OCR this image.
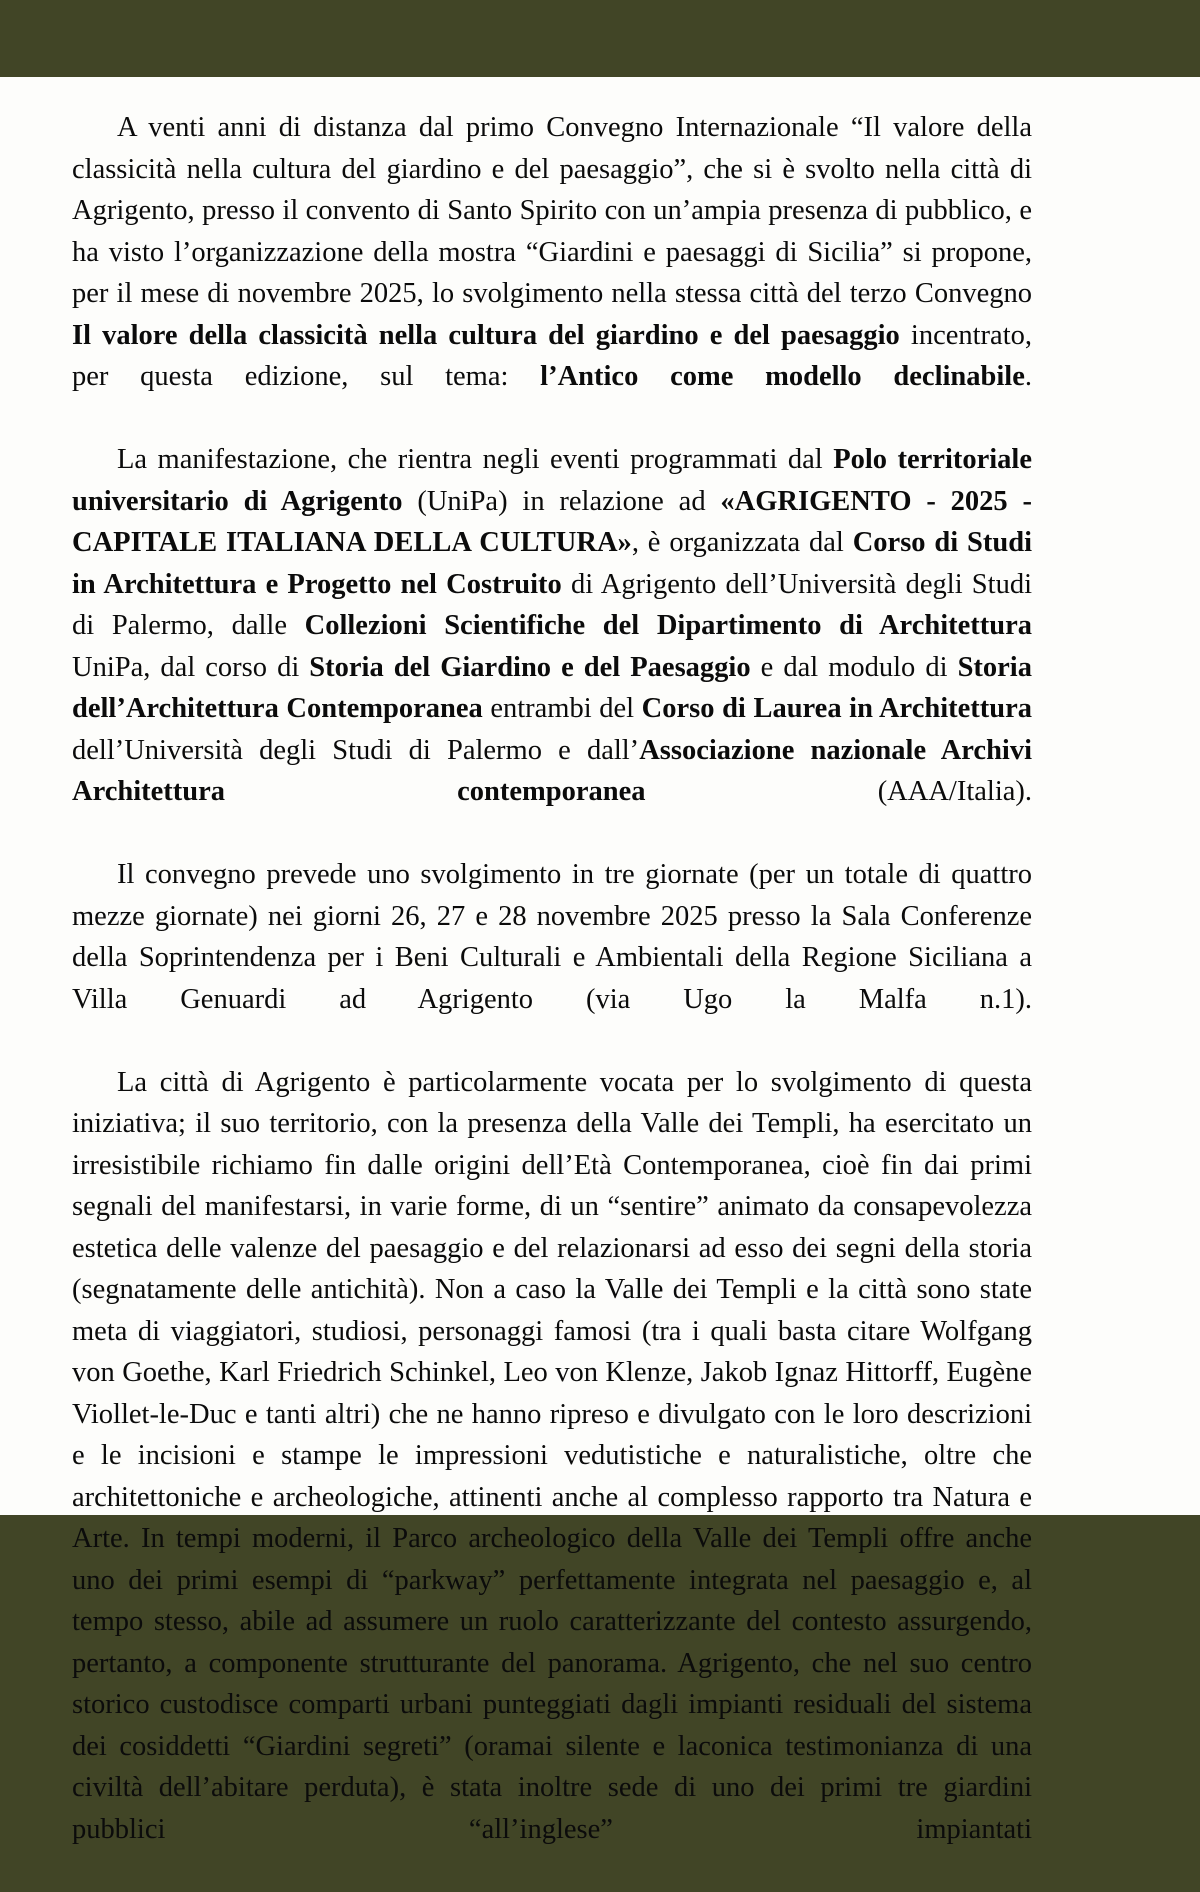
A venti anni di distanza dal primo Convegno Internazionale “Il valore della classicità nella cultura del giardino e del paesaggio”, che si è svolto nella città di Agrigento, presso il convento di Santo Spirito con un’ampia presenza di pubblico, e ha visto l’organizzazione della mostra “Giardini e paesaggi di Sicilia” si propone, per il mese di novembre 2025, lo svolgimento nella stessa città del terzo Convegno Il valore della classicità nella cultura del giardino e del paesaggio incentrato, per questa edizione, sul tema: l’Antico come modello declinabile.

La manifestazione, che rientra negli eventi programmati dal Polo territoriale universitario di Agrigento (UniPa) in relazione ad «AGRIGENTO - 2025 - CAPITALE ITALIANA DELLA CULTURA», è organizzata dal Corso di Studi in Architettura e Progetto nel Costruito di Agrigento dell’Università degli Studi di Palermo, dalle Collezioni Scientifiche del Dipartimento di Architettura UniPa, dal corso di Storia del Giardino e del Paesaggio e dal modulo di Storia dell’Architettura Contemporanea entrambi del Corso di Laurea in Architettura dell’Università degli Studi di Palermo e dall’Associazione nazionale Archivi Architettura contemporanea (AAA/Italia).

Il convegno prevede uno svolgimento in tre giornate (per un totale di quattro mezze giornate) nei giorni 26, 27 e 28 novembre 2025 presso la Sala Conferenze della Soprintendenza per i Beni Culturali e Ambientali della Regione Siciliana a Villa Genuardi ad Agrigento (via Ugo la Malfa n.1).

La città di Agrigento è particolarmente vocata per lo svolgimento di questa iniziativa; il suo territorio, con la presenza della Valle dei Templi, ha esercitato un irresistibile richiamo fin dalle origini dell’Età Contemporanea, cioè fin dai primi segnali del manifestarsi, in varie forme, di un “sentire” animato da consapevolezza estetica delle valenze del paesaggio e del relazionarsi ad esso dei segni della storia (segnatamente delle antichità). Non a caso la Valle dei Templi e la città sono state meta di viaggiatori, studiosi, personaggi famosi (tra i quali basta citare Wolfgang von Goethe, Karl Friedrich Schinkel, Leo von Klenze, Jakob Ignaz Hittorff, Eugène Viollet-le-Duc e tanti altri) che ne hanno ripreso e divulgato con le loro descrizioni e le incisioni e stampe le impressioni vedutistiche e naturalistiche, oltre che architettoniche e archeologiche, attinenti anche al complesso rapporto tra Natura e Arte. In tempi moderni, il Parco archeologico della Valle dei Templi offre anche uno dei primi esempi di “parkway” perfettamente integrata nel paesaggio e, al tempo stesso, abile ad assumere un ruolo caratterizzante del contesto assurgendo, pertanto, a componente strutturante del panorama. Agrigento, che nel suo centro storico custodisce comparti urbani punteggiati dagli impianti residuali del sistema dei cosiddetti “Giardini segreti” (oramai silente e laconica testimonianza di una civiltà dell’abitare perduta), è stata inoltre sede di uno dei primi tre giardini pubblici “all’inglese” impiantati
